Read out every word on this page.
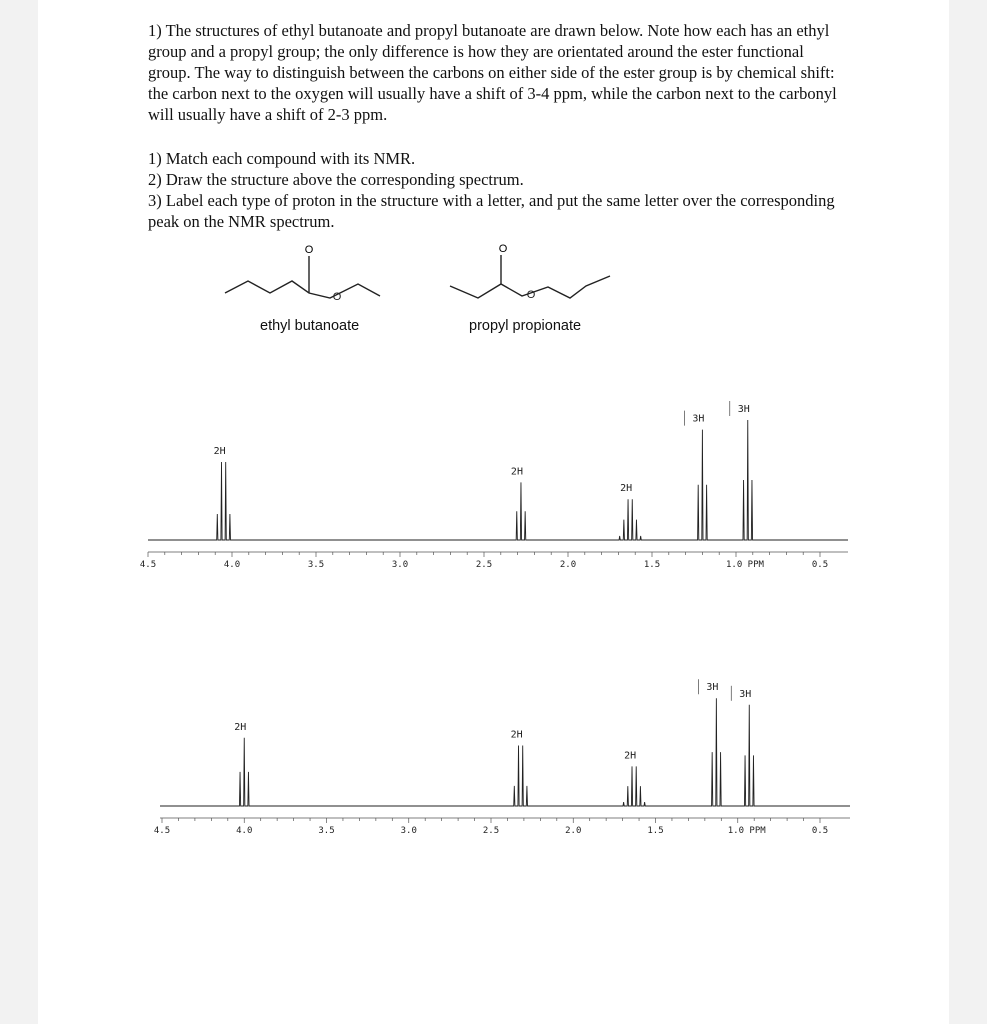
1) The structures of ethyl butanoate and propyl butanoate are drawn below. Note how each has an ethyl group and a propyl group; the only difference is how they are orientated around the ester functional group. The way to distinguish between the carbons on either side of the ester group is by chemical shift: the carbon next to the oxygen will usually have a shift of 3-4 ppm, while the carbon next to the carbonyl will usually have a shift of 2-3 ppm.

1) Match each compound with its NMR.
2) Draw the structure above the corresponding spectrum.
3) Label each type of proton in the structure with a letter, and put the same letter over the corresponding peak on the NMR spectrum.
O
O
O
O
ethyl butanoate	propyl propionate
4.5	4.0	3.5	3.0	2.5	2.0	1.5	1.0 PPM	0.5
2H
2H
2H
3H
3H
4.5	4.0	3.5	3.0	2.5	2.0	1.5	1.0 PPM	0.5
2H
2H
2H
3H
3H
